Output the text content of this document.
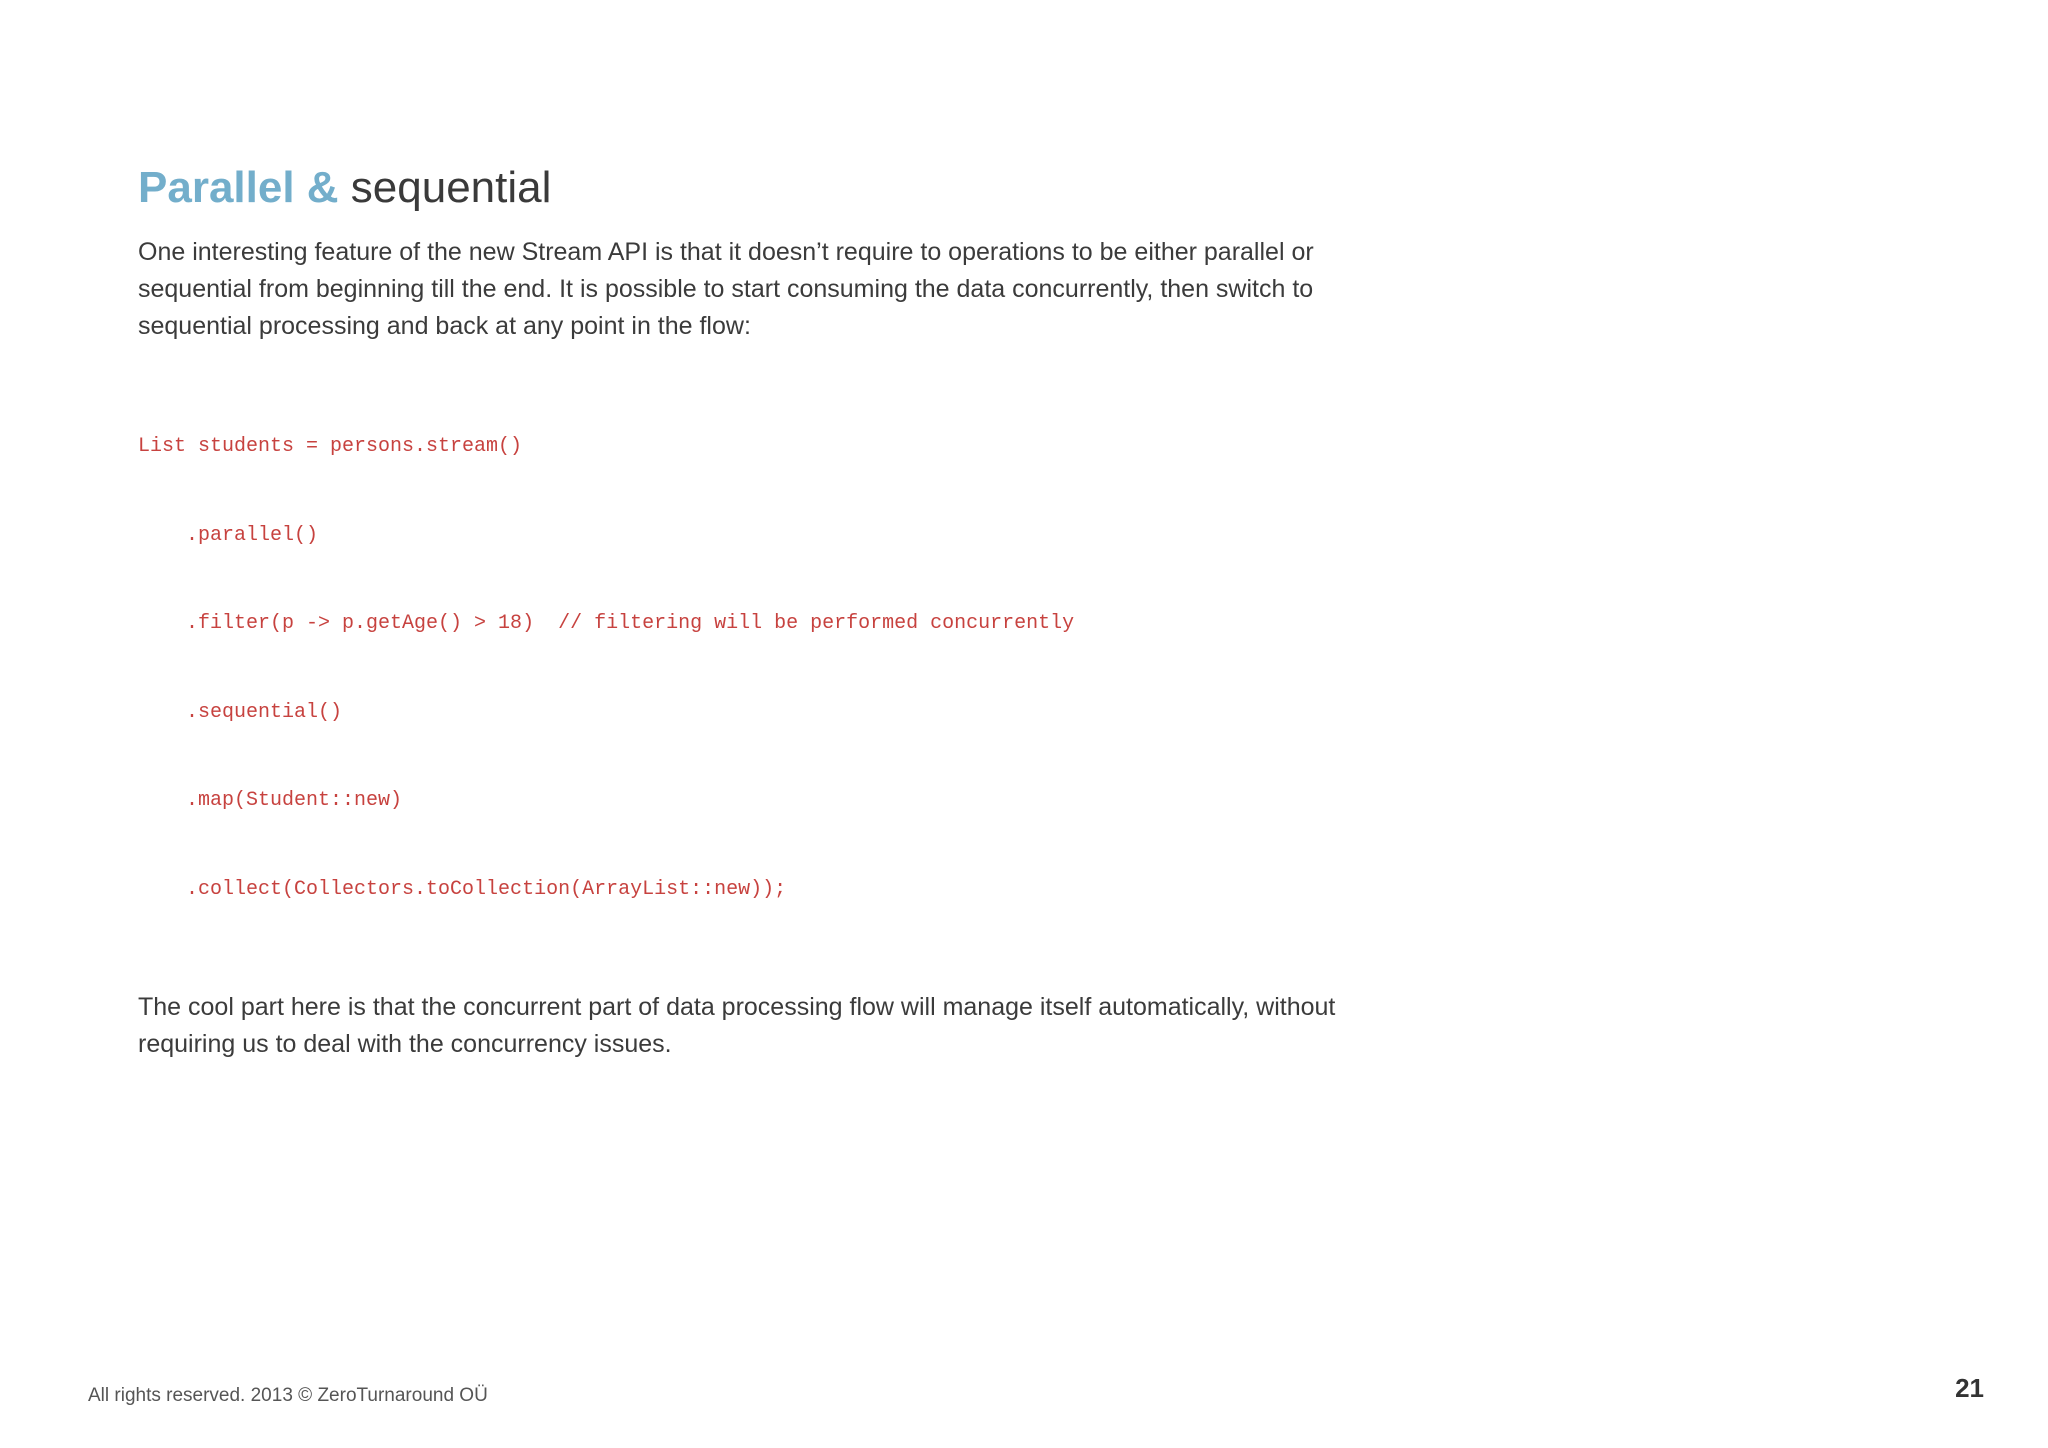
Parallel & sequential

One interesting feature of the new Stream API is that it doesn’t require to operations to be either parallel or sequential from beginning till the end. It is possible to start consuming the data concurrently, then switch to sequential processing and back at any point in the flow:

List students = persons.stream()

.parallel()

.filter(p -> p.getAge() > 18)  // filtering will be performed concurrently

.sequential()

.map(Student::new)

.collect(Collectors.toCollection(ArrayList::new));

The cool part here is that the concurrent part of data processing flow will manage itself automatically, without requiring us to deal with the concurrency issues.

All rights reserved. 2013 © ZeroTurnaround OÜ	21
